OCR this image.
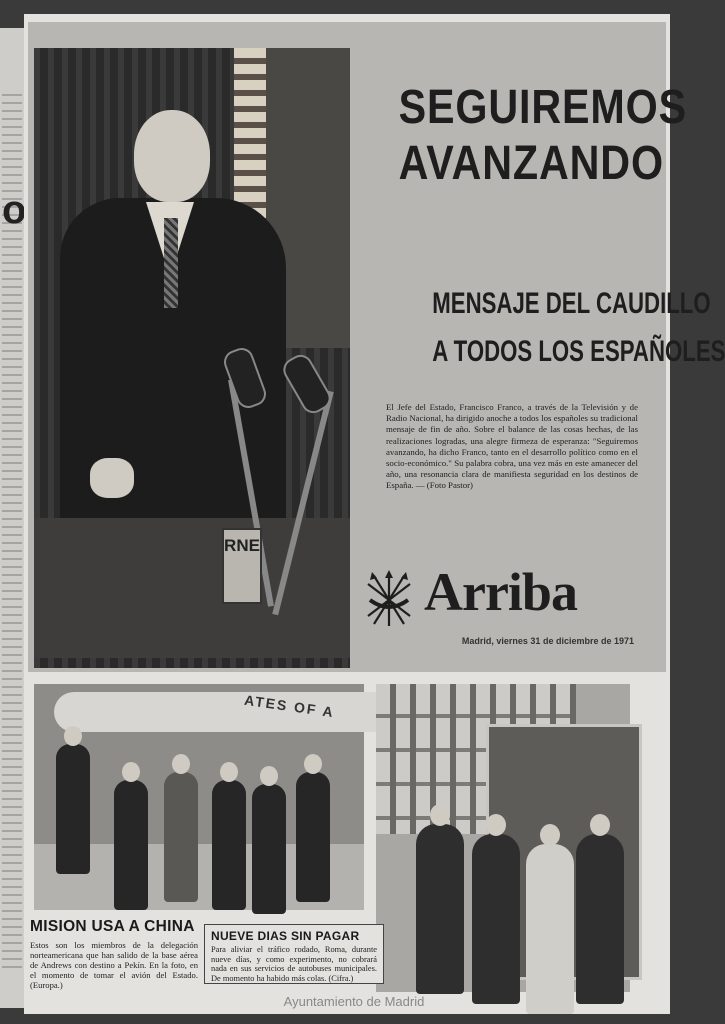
o
RNE
SEGUIREMOS
AVANZANDO
MENSAJE DEL CAUDILLO
A TODOS LOS ESPAÑOLES
El Jefe del Estado, Francisco Franco, a través de la Televisión y de Radio Nacional, ha dirigido anoche a todos los españoles su tradicional mensaje de fin de año. Sobre el balance de las cosas hechas, de las realizaciones logradas, una alegre firmeza de esperanza: "Seguiremos avanzando, ha dicho Franco, tanto en el desarrollo político como en el socio-económico." Su palabra cobra, una vez más en este amanecer del año, una resonancia clara de manifiesta seguridad en los destinos de España. — (Foto Pastor)
Arriba
Madrid, viernes 31 de diciembre de 1971
ATES OF A
MISION USA A CHINA
Estos son los miembros de la delegación norteamericana que han salido de la base aérea de Andrews con destino a Pekín. En la foto, en el momento de tomar el avión del Estado. (Europa.)
NUEVE DIAS SIN PAGAR
Para aliviar el tráfico rodado, Roma, durante nueve días, y como experimento, no cobrará nada en sus servicios de autobuses municipales. De momento ha habido más colas. (Cifra.)
Ayuntamiento de Madrid
